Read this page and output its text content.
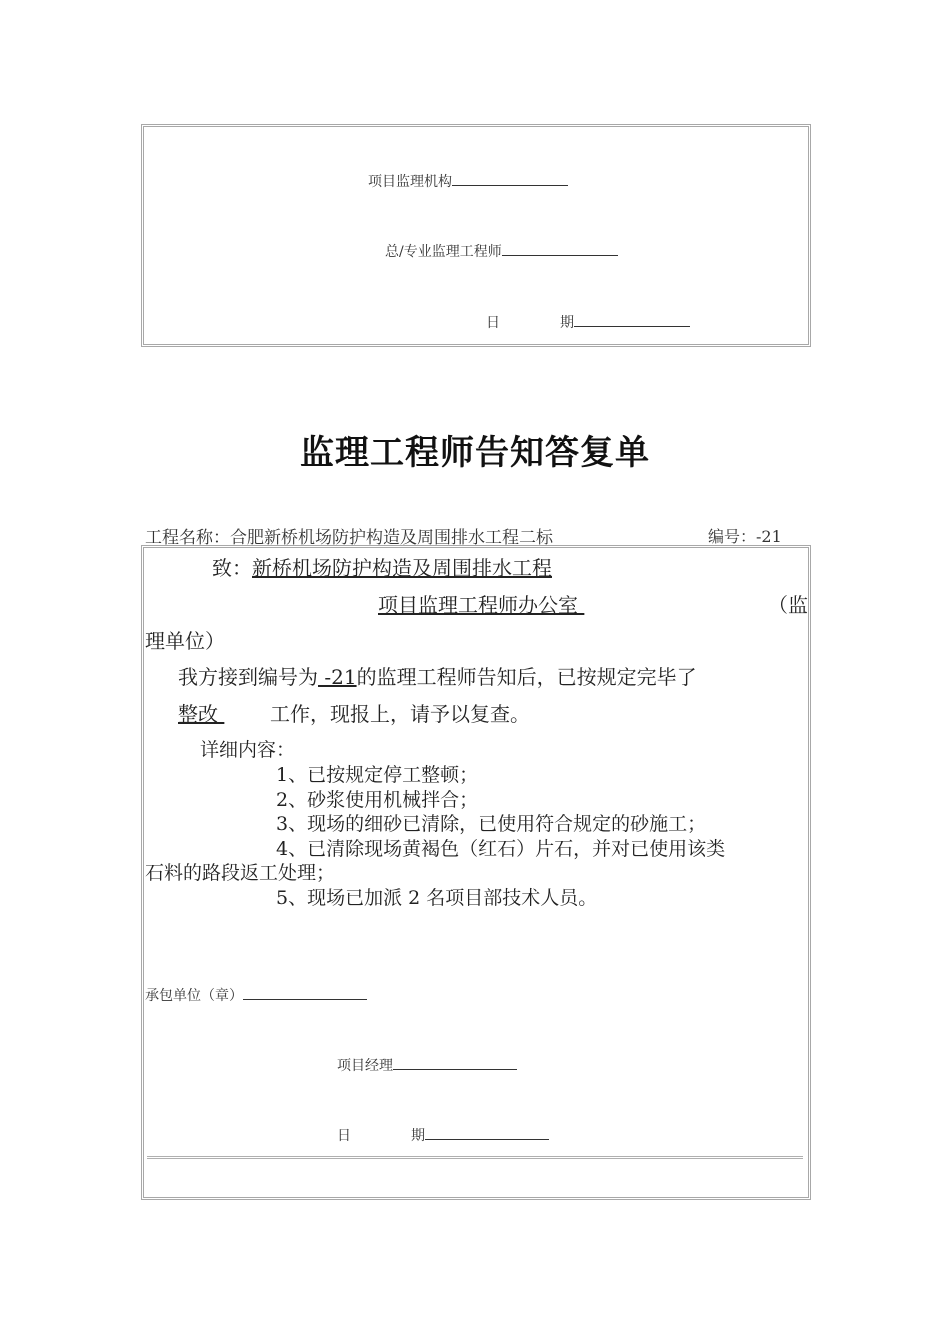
项目监理机构
总/专业监理工程师
日	期
监理工程师告知答复单
工程名称：合肥新桥机场防护构造及周围排水工程二标	编号：-21
致：新桥机场防护构造及周围排水工程
项目监理工程师办公室	（监
理单位）
我方接到编号为 -21的监理工程师告知后，已按规定完毕了
整改	工作，现报上，请予以复查。
详细内容：
1、已按规定停工整顿；
2、砂浆使用机械拌合；
3、现场的细砂已清除，已使用符合规定的砂施工；
4、已清除现场黄褐色（红石）片石，并对已使用该类
石料的路段返工处理；
5、现场已加派 2 名项目部技术人员。
承包单位（章）
项目经理
日	期
